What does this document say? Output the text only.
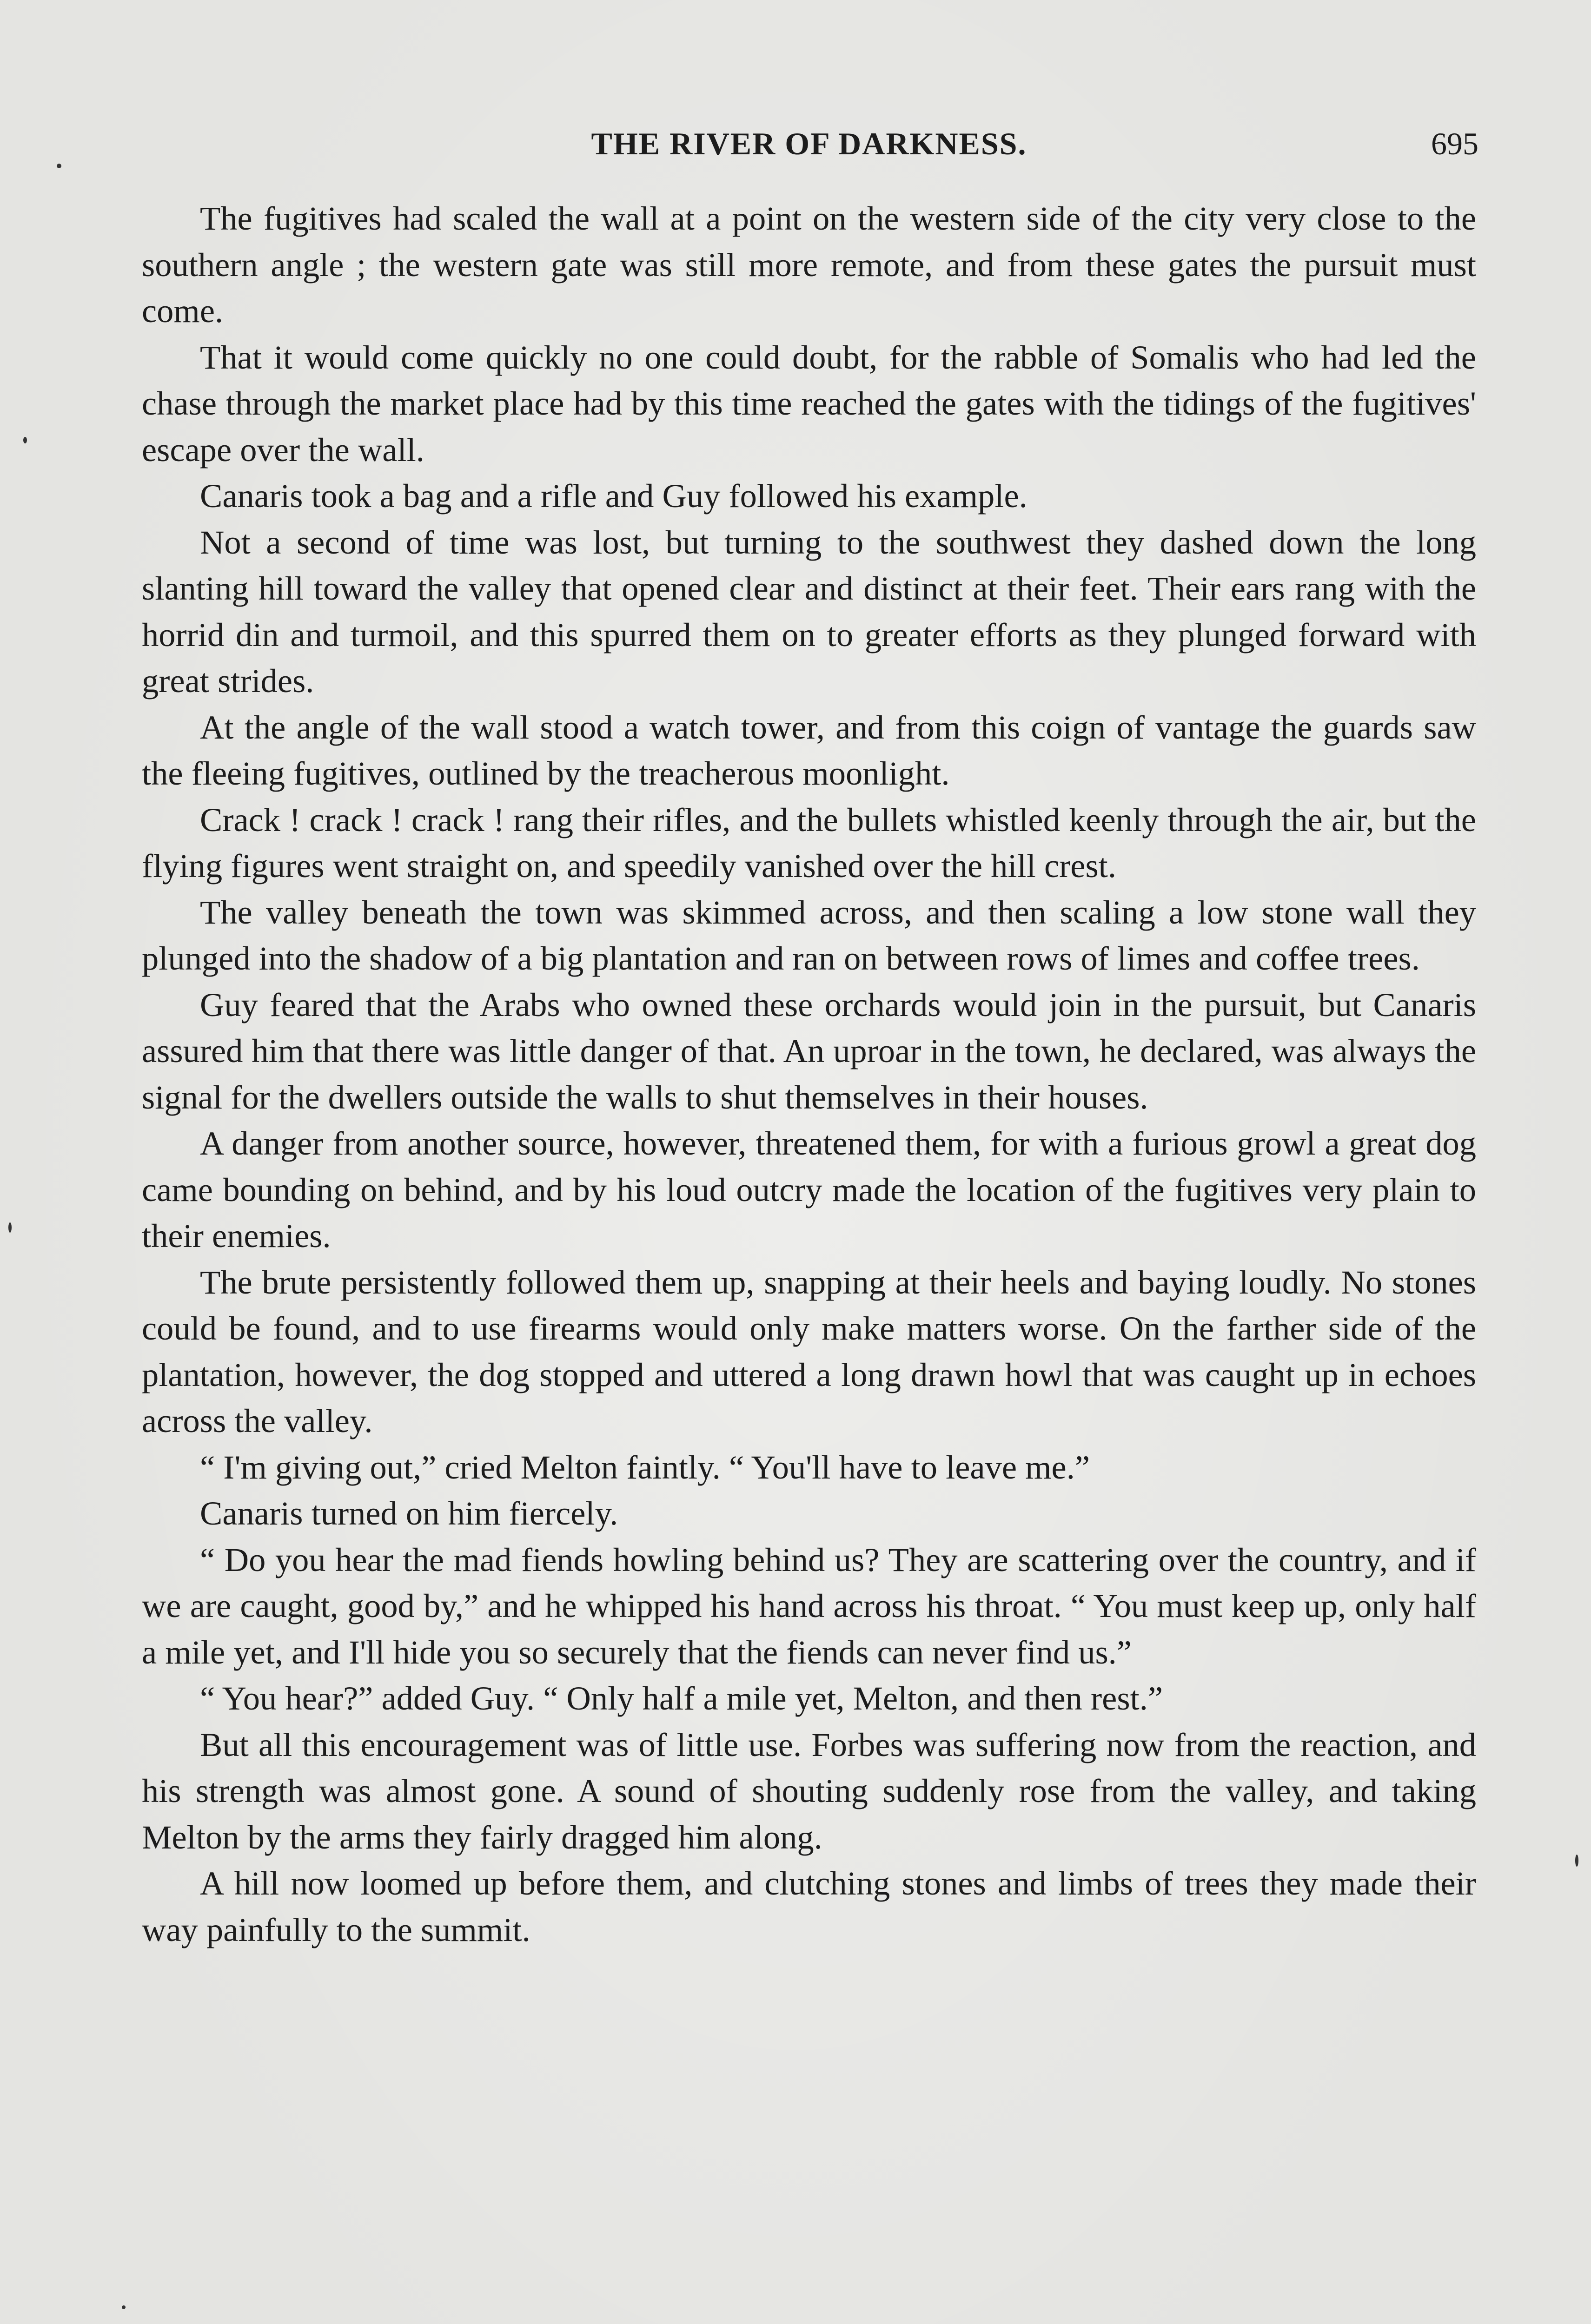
THE RIVER OF DARKNESS.	695

The fugitives had scaled the wall at a point on the western side of the city very close to the southern angle ; the western gate was still more remote, and from these gates the pursuit must come.

That it would come quickly no one could doubt, for the rabble of Somalis who had led the chase through the market place had by this time reached the gates with the tidings of the fugitives' escape over the wall.

Canaris took a bag and a rifle and Guy followed his example.

Not a second of time was lost, but turning to the southwest they dashed down the long slanting hill toward the valley that opened clear and distinct at their feet. Their ears rang with the horrid din and turmoil, and this spurred them on to greater efforts as they plunged forward with great strides.

At the angle of the wall stood a watch tower, and from this coign of vantage the guards saw the fleeing fugitives, outlined by the treacherous moonlight.

Crack ! crack ! crack ! rang their rifles, and the bullets whistled keenly through the air, but the flying figures went straight on, and speedily vanished over the hill crest.

The valley beneath the town was skimmed across, and then scaling a low stone wall they plunged into the shadow of a big plantation and ran on between rows of limes and coffee trees.

Guy feared that the Arabs who owned these orchards would join in the pursuit, but Canaris assured him that there was little danger of that. An uproar in the town, he declared, was always the signal for the dwellers outside the walls to shut themselves in their houses.

A danger from another source, however, threatened them, for with a furious growl a great dog came bounding on behind, and by his loud outcry made the location of the fugitives very plain to their enemies.

The brute persistently followed them up, snapping at their heels and baying loudly. No stones could be found, and to use firearms would only make matters worse. On the farther side of the plantation, however, the dog stopped and uttered a long drawn howl that was caught up in echoes across the valley.

“ I'm giving out,” cried Melton faintly. “ You'll have to leave me.”

Canaris turned on him fiercely.

“ Do you hear the mad fiends howling behind us? They are scattering over the country, and if we are caught, good by,” and he whipped his hand across his throat. “ You must keep up, only half a mile yet, and I'll hide you so securely that the fiends can never find us.”

“ You hear?” added Guy. “ Only half a mile yet, Melton, and then rest.”

But all this encouragement was of little use. Forbes was suffering now from the reaction, and his strength was almost gone. A sound of shouting suddenly rose from the valley, and taking Melton by the arms they fairly dragged him along.

A hill now loomed up before them, and clutching stones and limbs of trees they made their way painfully to the summit.
